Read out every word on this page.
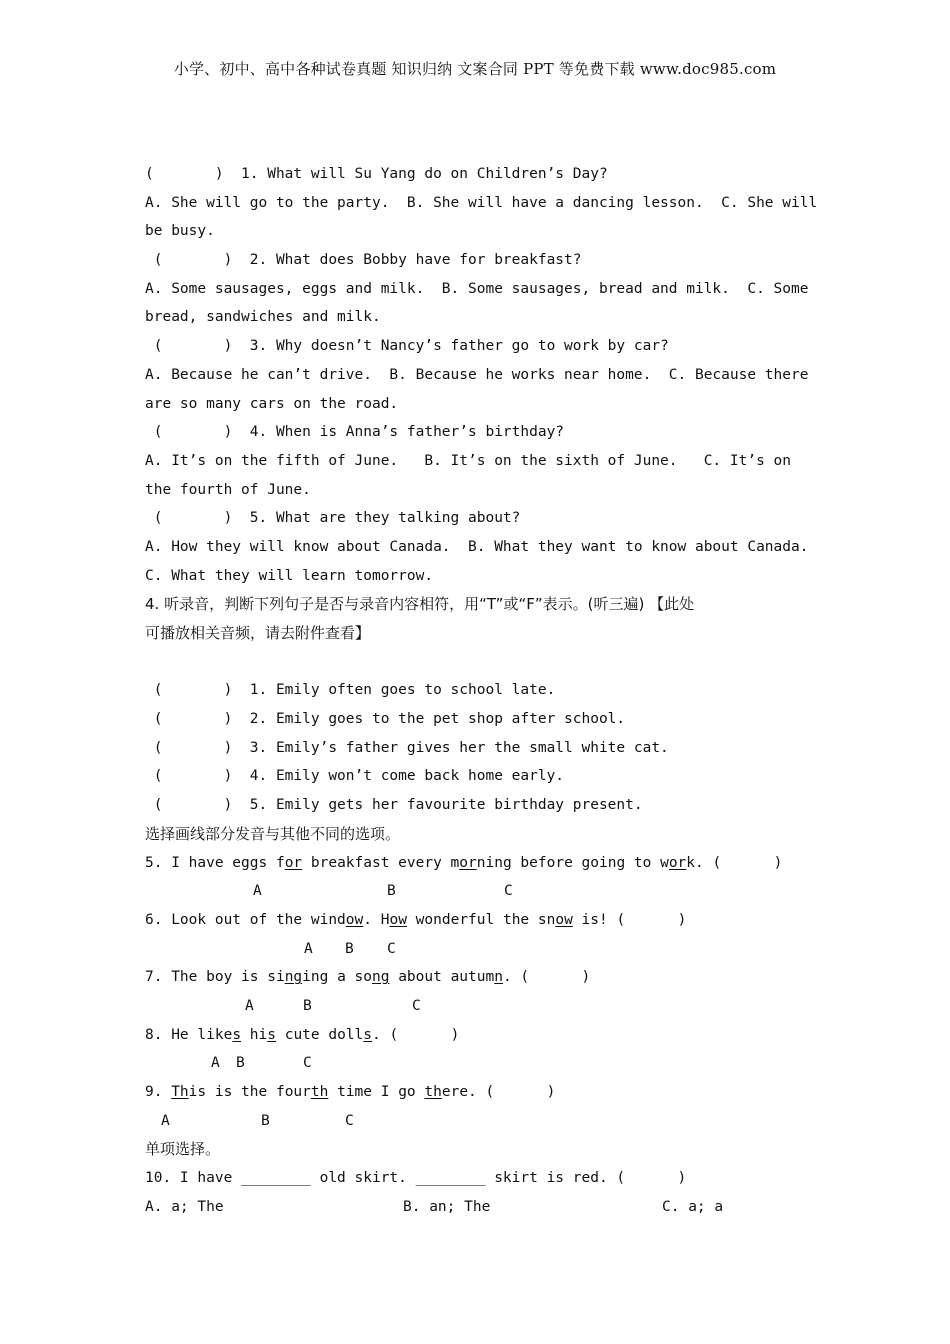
小学、初中、高中各种试卷真题 知识归纳 文案合同 PPT 等免费下载 www.doc985.com
(       )  1. What will Su Yang do on Children’s Day?
A. She will go to the party.  B. She will have a dancing lesson.  C. She will
be busy.
(       )  2. What does Bobby have for breakfast?
A. Some sausages, eggs and milk.  B. Some sausages, bread and milk.  C. Some
bread, sandwiches and milk.
(       )  3. Why doesn’t Nancy’s father go to work by car?
A. Because he can’t drive.  B. Because he works near home.  C. Because there
are so many cars on the road.
(       )  4. When is Anna’s father’s birthday?
A. It’s on the fifth of June.   B. It’s on the sixth of June.   C. It’s on
the fourth of June.
(       )  5. What are they talking about?
A. How they will know about Canada.  B. What they want to know about Canada.
C. What they will learn tomorrow.
4. 听录音，判断下列句子是否与录音内容相符，用“T”或“F”表示。(听三遍) 【此处
可播放相关音频，请去附件查看】
(       )  1. Emily often goes to school late.
(       )  2. Emily goes to the pet shop after school.
(       )  3. Emily’s father gives her the small white cat.
(       )  4. Emily won’t come back home early.
(       )  5. Emily gets her favourite birthday present.
选择画线部分发音与其他不同的选项。
5. I have eggs for breakfast every morning before going to work. (      )
A	B	C
6. Look out of the window. How wonderful the snow is! (      )
A B C
7. The boy is singing a song about autumn. (      )
A	B	C
8. He likes his cute dolls. (      )
A B	C
9. This is the fourth time I go there. (      )
A	B	C
单项选择。
10. I have ________ old skirt. ________ skirt is red. (      )
A. a; The	B. an; The	C. a; a
